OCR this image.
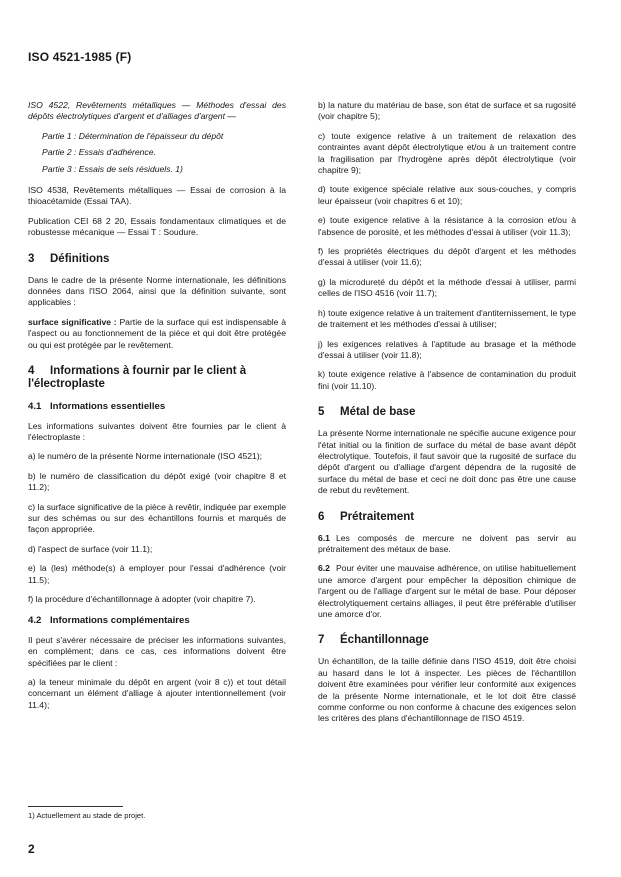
ISO 4521-1985 (F)

ISO 4522, Revêtements métalliques — Méthodes d'essai des dépôts électrolytiques d'argent et d'alliages d'argent —

Partie 1 : Détermination de l'épaisseur du dépôt

Partie 2 : Essais d'adhérence.

Partie 3 : Essais de sels résiduels. 1)

ISO 4538, Revêtements métalliques — Essai de corrosion à la thioacétamide (Essai TAA).

Publication CEI 68 2 20, Essais fondamentaux climatiques et de robustesse mécanique — Essai T : Soudure.

3 Définitions

Dans le cadre de la présente Norme internationale, les définitions données dans l'ISO 2064, ainsi que la définition suivante, sont applicables :

surface significative : Partie de la surface qui est indispensable à l'aspect ou au fonctionnement de la pièce et qui doit être protégée ou qui est protégée par le revêtement.

4 Informations à fournir par le client à l'électroplaste
4.1 Informations essentielles

Les informations suivantes doivent être fournies par le client à l'électroplaste :

a) le numéro de la présente Norme internationale (ISO 4521);

b) le numéro de classification du dépôt exigé (voir chapitre 8 et 11.2);

c) la surface significative de la pièce à revêtir, indiquée par exemple sur des schémas ou sur des échantillons fournis et marqués de façon appropriée.

d) l'aspect de surface (voir 11.1);

e) la (les) méthode(s) à employer pour l'essai d'adhérence (voir 11.5);

f) la procédure d'échantillonnage à adopter (voir chapitre 7).

4.2 Informations complémentaires

Il peut s'avérer nécessaire de préciser les informations suivantes, en complément; dans ce cas, ces informations doivent être spécifiées par le client :

a) la teneur minimale du dépôt en argent (voir 8 c)) et tout détail concernant un élément d'alliage à ajouter intentionnellement (voir 11.4);

b) la nature du matériau de base, son état de surface et sa rugosité (voir chapitre 5);

c) toute exigence relative à un traitement de relaxation des contraintes avant dépôt électrolytique et/ou à un traitement contre la fragilisation par l'hydrogène après dépôt électrolytique (voir chapitre 9);

d) toute exigence spéciale relative aux sous-couches, y compris leur épaisseur (voir chapitres 6 et 10);

e) toute exigence relative à la résistance à la corrosion et/ou à l'absence de porosité, et les méthodes d'essai à utiliser (voir 11.3);

f) les propriétés électriques du dépôt d'argent et les méthodes d'essai à utiliser (voir 11.6);

g) la microdureté du dépôt et la méthode d'essai à utiliser, parmi celles de l'ISO 4516 (voir 11.7);

h) toute exigence relative à un traitement d'antiternissement, le type de traitement et les méthodes d'essai à utiliser;

j) les exigences relatives à l'aptitude au brasage et la méthode d'essai à utiliser (voir 11.8);

k) toute exigence relative à l'absence de contamination du produit fini (voir 11.10).

5 Métal de base

La présente Norme internationale ne spécifie aucune exigence pour l'état initial ou la finition de surface du métal de base avant dépôt électrolytique. Toutefois, il faut savoir que la rugosité de surface du dépôt d'argent ou d'alliage d'argent dépendra de la rugosité de surface du métal de base et ceci ne doit donc pas être une cause de rebut du revêtement.

6 Prétraitement

6.1 Les composés de mercure ne doivent pas servir au prétraitement des métaux de base.

6.2 Pour éviter une mauvaise adhérence, on utilise habituellement une amorce d'argent pour empêcher la déposition chimique de l'argent ou de l'alliage d'argent sur le métal de base. Pour déposer électrolytiquement certains alliages, il peut être préférable d'utiliser une amorce d'or.

7 Échantillonnage

Un échantillon, de la taille définie dans l'ISO 4519, doit être choisi au hasard dans le lot à inspecter. Les pièces de l'échantillon doivent être examinées pour vérifier leur conformité aux exigences de la présente Norme internationale, et le lot doit être classé comme conforme ou non conforme à chacune des exigences selon les critères des plans d'échantillonnage de l'ISO 4519.

1) Actuellement au stade de projet.
2
